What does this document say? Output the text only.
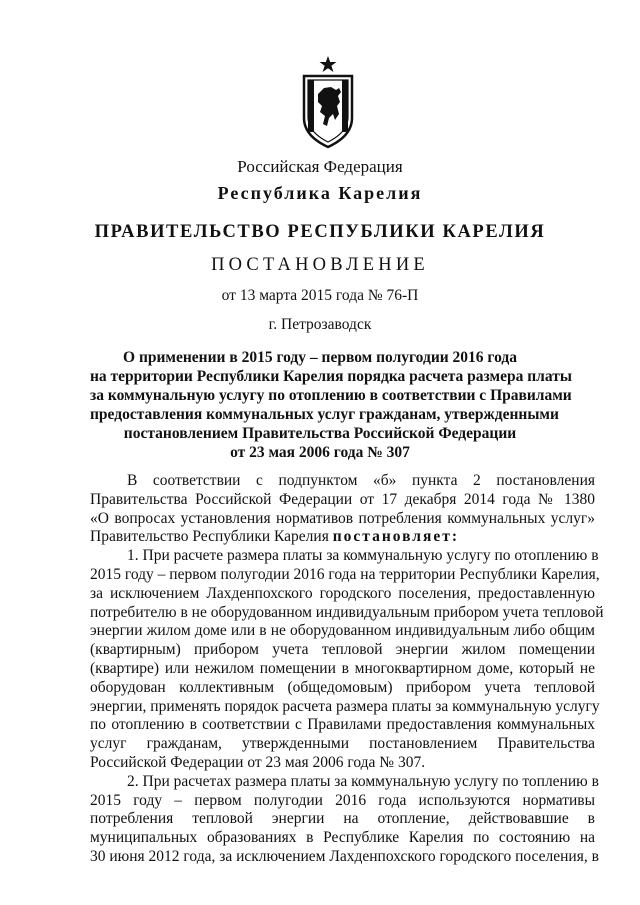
Российская Федерация
Республика Карелия
ПРАВИТЕЛЬСТВО РЕСПУБЛИКИ КАРЕЛИЯ
ПОСТАНОВЛЕНИЕ
от 13 марта 2015 года № 76-П
г. Петрозаводск
О применении в 2015 году – первом полугодии 2016 года
на территории Республики Карелия порядка расчета размера платы
за коммунальную услугу по отоплению в соответствии с Правилами
предоставления коммунальных услуг гражданам, утвержденными
постановлением Правительства Российской Федерации
от 23 мая 2006 года № 307
В соответствии с подпунктом «б» пункта 2 постановления
Правительства Российской Федерации от 17 декабря 2014 года № 1380
«О вопросах установления нормативов потребления коммунальных услуг»
Правительство Республики Карелия постановляет:
1. При расчете размера платы за коммунальную услугу по отоплению в
2015 году – первом полугодии 2016 года на территории Республики Карелия,
за исключением Лахденпохского городского поселения, предоставленную
потребителю в не оборудованном индивидуальным прибором учета тепловой
энергии жилом доме или в не оборудованном индивидуальным либо общим
(квартирным) прибором учета тепловой энергии жилом помещении
(квартире) или нежилом помещении в многоквартирном доме, который не
оборудован коллективным (общедомовым) прибором учета тепловой
энергии, применять порядок расчета размера платы за коммунальную услугу
по отоплению в соответствии с Правилами предоставления коммунальных
услуг гражданам, утвержденными постановлением Правительства
Российской Федерации от 23 мая 2006 года № 307.
2. При расчетах размера платы за коммунальную услугу по топлению в
2015 году – первом полугодии 2016 года используются нормативы
потребления тепловой энергии на отопление, действовавшие в
муниципальных образованиях в Республике Карелия по состоянию на
30 июня 2012 года, за исключением Лахденпохского городского поселения, в
